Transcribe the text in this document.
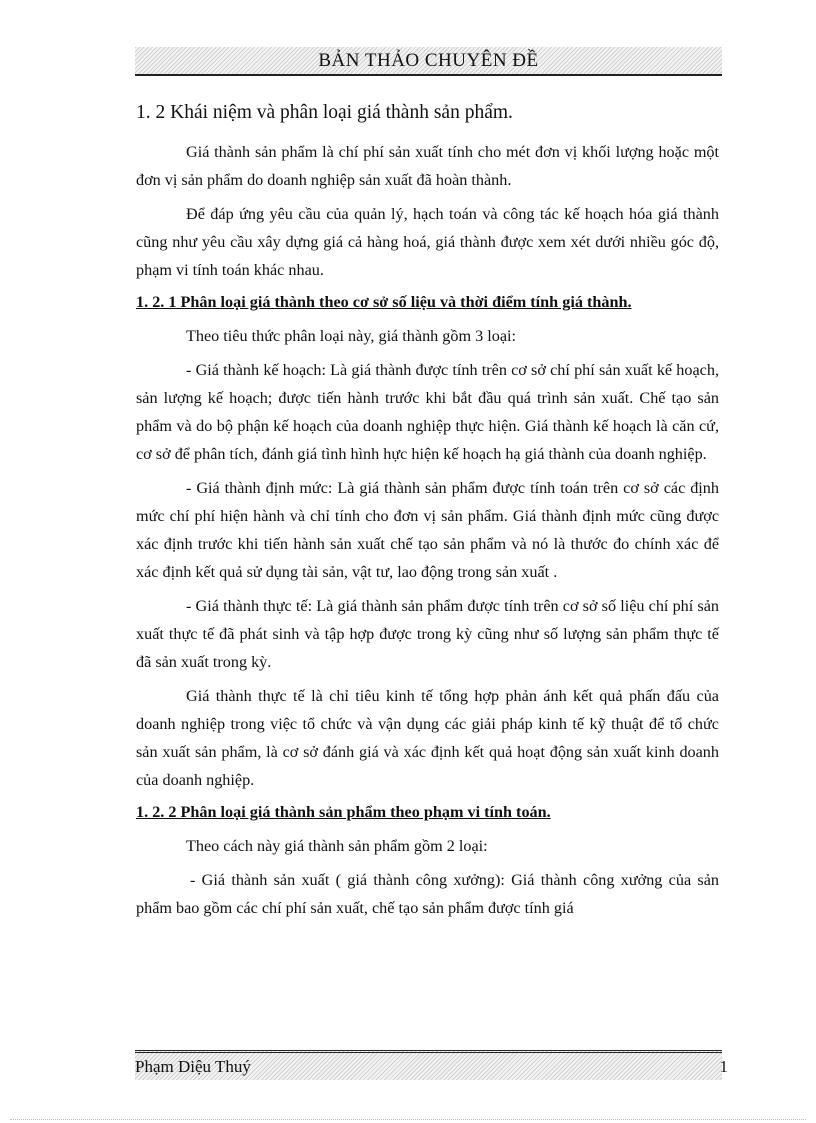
BẢN THẢO CHUYÊN ĐỀ
1. 2 Khái niệm và phân loại giá thành sản phẩm.

Giá thành sản phẩm là chí phí sản xuất tính cho mét đơn vị khối lượng hoặc một đơn vị sản phẩm do doanh nghiệp sản xuất đã hoàn thành.

Để đáp ứng yêu cầu của quản lý, hạch toán và công tác kế hoạch hóa giá thành cũng như yêu cầu xây dựng giá cả hàng hoá, giá thành được xem xét dưới nhiều góc độ, phạm vi tính toán khác nhau.

1. 2. 1 Phân loại giá thành theo cơ sở số liệu và thời điểm tính giá thành.

Theo tiêu thức phân loại này, giá thành gồm 3 loại:

- Giá thành kế hoạch: Là giá thành được tính trên cơ sở chí phí sản xuất kế hoạch, sản lượng kế hoạch; được tiến hành trước khi bắt đầu quá trình sản xuất. Chế tạo sản phẩm và do bộ phận kế hoạch của doanh nghiệp thực hiện. Giá thành kế hoạch là căn cứ, cơ sở để phân tích, đánh giá tình hình hực hiện kế hoạch hạ giá thành của doanh nghiệp.

- Giá thành định mức: Là giá thành sản phẩm được tính toán trên cơ sở các định mức chí phí hiện hành và chỉ tính cho đơn vị sản phẩm. Giá thành định mức cũng được xác định trước khi tiến hành sản xuất chế tạo sản phẩm và nó là thước đo chính xác để xác định kết quả sử dụng tài sản, vật tư, lao động trong sản xuất .

- Giá thành thực tế: Là giá thành sản phẩm được tính trên cơ sở số liệu chí phí sản xuất thực tế đã phát sinh và tập hợp được trong kỳ cũng như số lượng sản phẩm thực tế đã sản xuất trong kỳ.

Giá thành thực tế là chỉ tiêu kinh tế tổng hợp phản ánh kết quả phấn đấu của doanh nghiệp trong việc tổ chức và vận dụng các giải pháp kinh tế kỹ thuật để tổ chức sản xuất sản phẩm, là cơ sở đánh giá và xác định kết quả hoạt động sản xuất kinh doanh của doanh nghiệp.

1. 2. 2 Phân loại giá thành sản phẩm theo phạm vi tính toán.

Theo cách này giá thành sản phẩm gồm 2 loại:

- Giá thành sản xuất ( giá thành công xưởng): Giá thành công xưởng của sản phẩm bao gồm các chí phí sản xuất, chế tạo sản phẩm được tính giá

Phạm Diệu Thuý	1
